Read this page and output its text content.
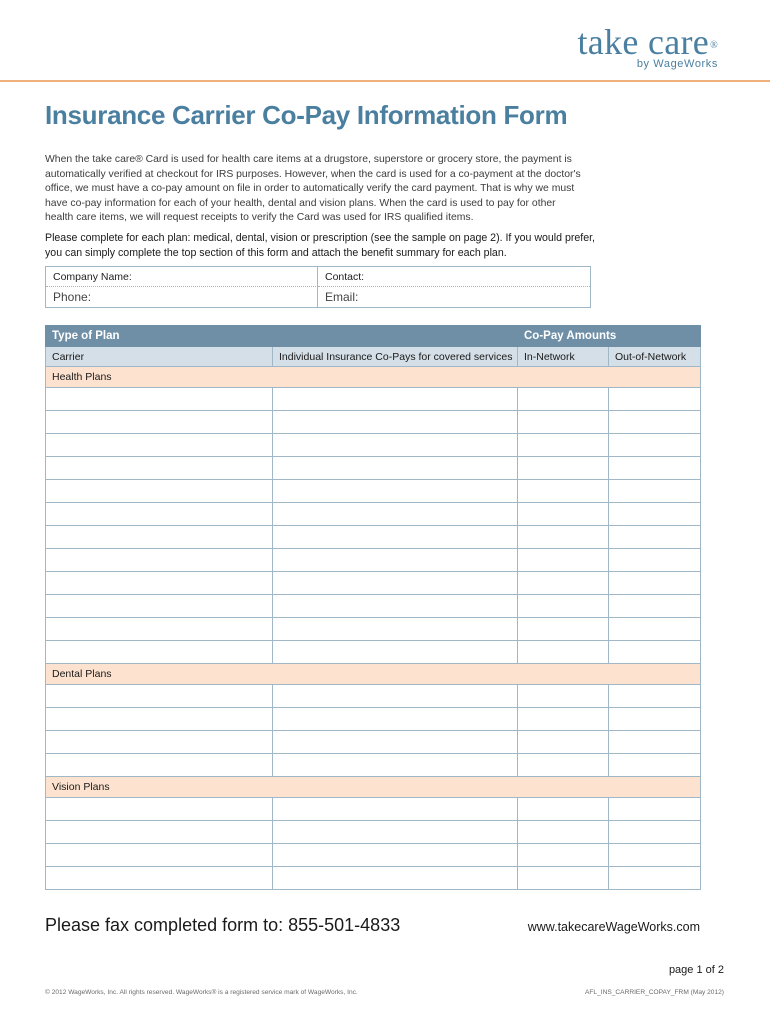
take care®
by WageWorks
Insurance Carrier Co-Pay Information Form

When the take care® Card is used for health care items at a drugstore, superstore or grocery store, the payment is automatically verified at checkout for IRS purposes. However, when the card is used for a co-payment at the doctor's office, we must have a co-pay amount on file in order to automatically verify the card payment. That is why we must have co-pay information for each of your health, dental and vision plans. When the card is used to pay for other health care items, we will request receipts to verify the Card was used for IRS qualified items.

Please complete for each plan: medical, dental, vision or prescription (see the sample on page 2). If you would prefer, you can simply complete the top section of this form and attach the benefit summary for each plan.

Company Name:	Contact:
Phone:	Email:
Type of Plan		Co-Pay Amounts	
Carrier	Individual Insurance Co-Pays for covered services	In-Network	Out-of-Network
Health Plans			

Dental Plans			

Vision Plans			

Please fax completed form to: 855-501-4833	www.takecareWageWorks.com

page 1 of 2

© 2012 WageWorks, Inc. All rights reserved. WageWorks® is a registered service mark of WageWorks, Inc.	AFL_INS_CARRIER_COPAY_FRM (May 2012)
